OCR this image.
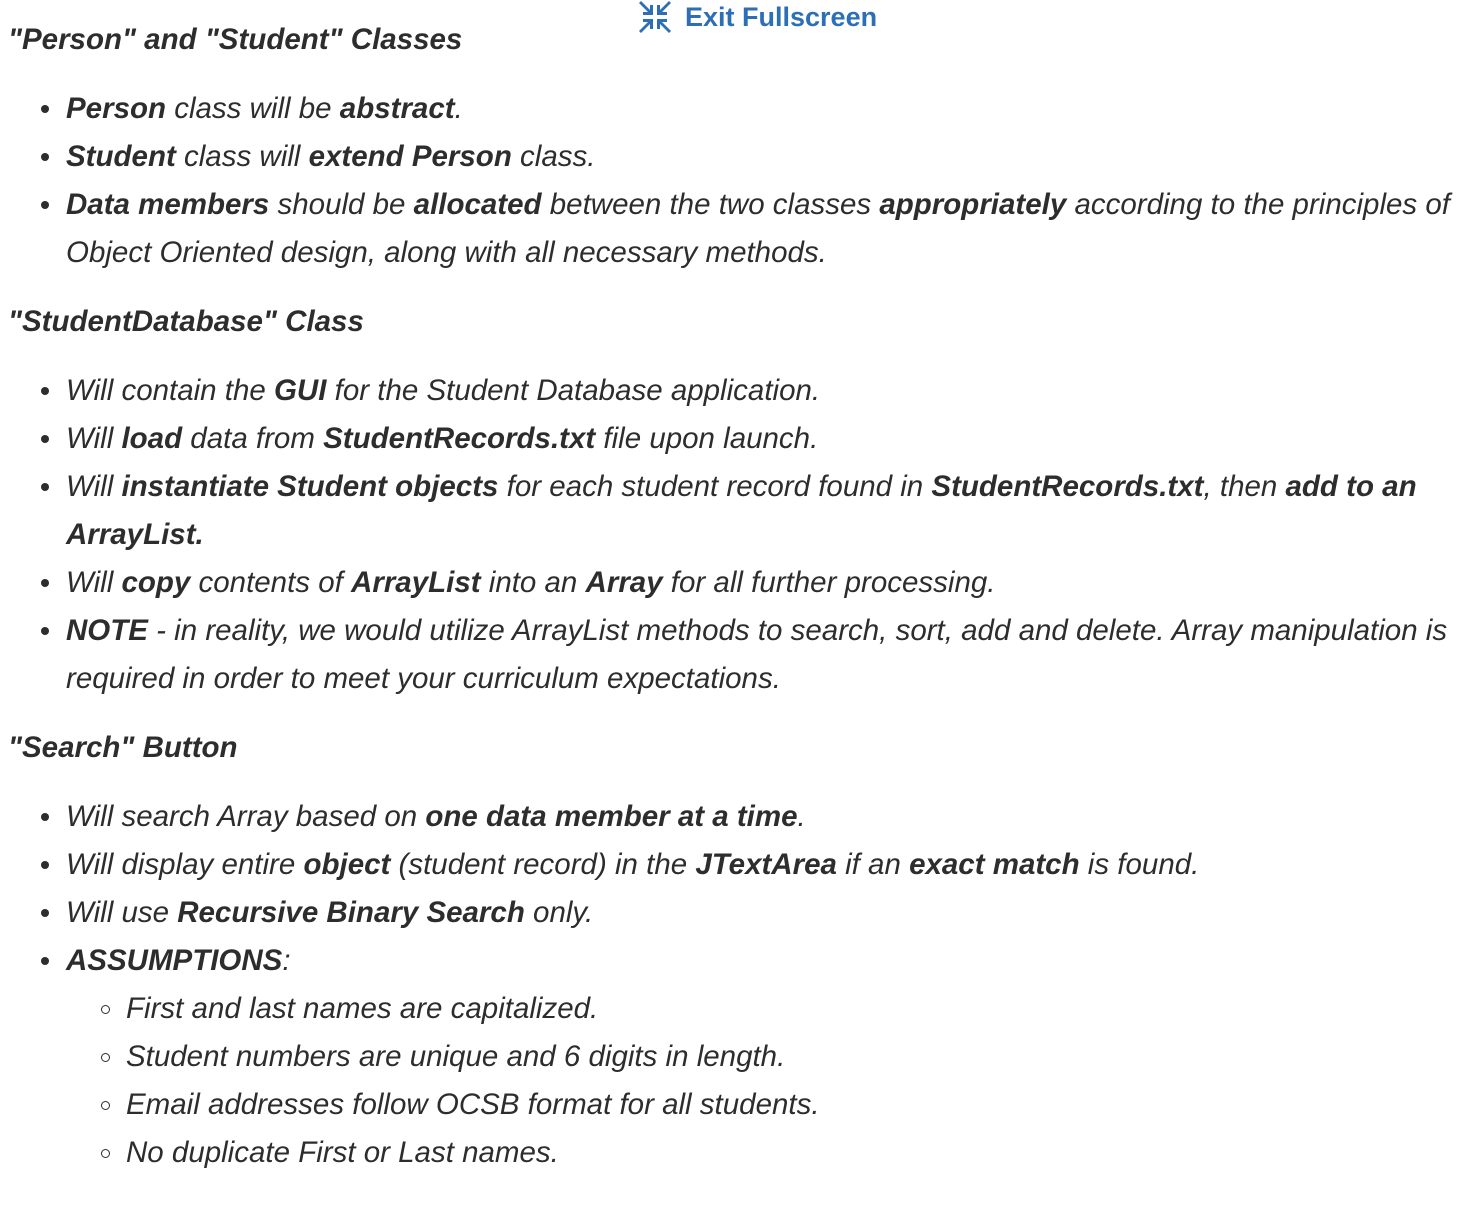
Exit Fullscreen
"Person" and "Student" Classes
Person class will be abstract.
Student class will extend Person class.
Data members should be allocated between the two classes appropriately according to the principles of Object Oriented design, along with all necessary methods.
"StudentDatabase" Class
Will contain the GUI for the Student Database application.
Will load data from StudentRecords.txt file upon launch.
Will instantiate Student objects for each student record found in StudentRecords.txt, then add to an ArrayList.
Will copy contents of ArrayList into an Array for all further processing.
NOTE - in reality, we would utilize ArrayList methods to search, sort, add and delete. Array manipulation is required in order to meet your curriculum expectations.
"Search" Button
Will search Array based on one data member at a time.
Will display entire object (student record) in the JTextArea if an exact match is found.
Will use Recursive Binary Search only.
ASSUMPTIONS:
First and last names are capitalized.
Student numbers are unique and 6 digits in length.
Email addresses follow OCSB format for all students.
No duplicate First or Last names.
